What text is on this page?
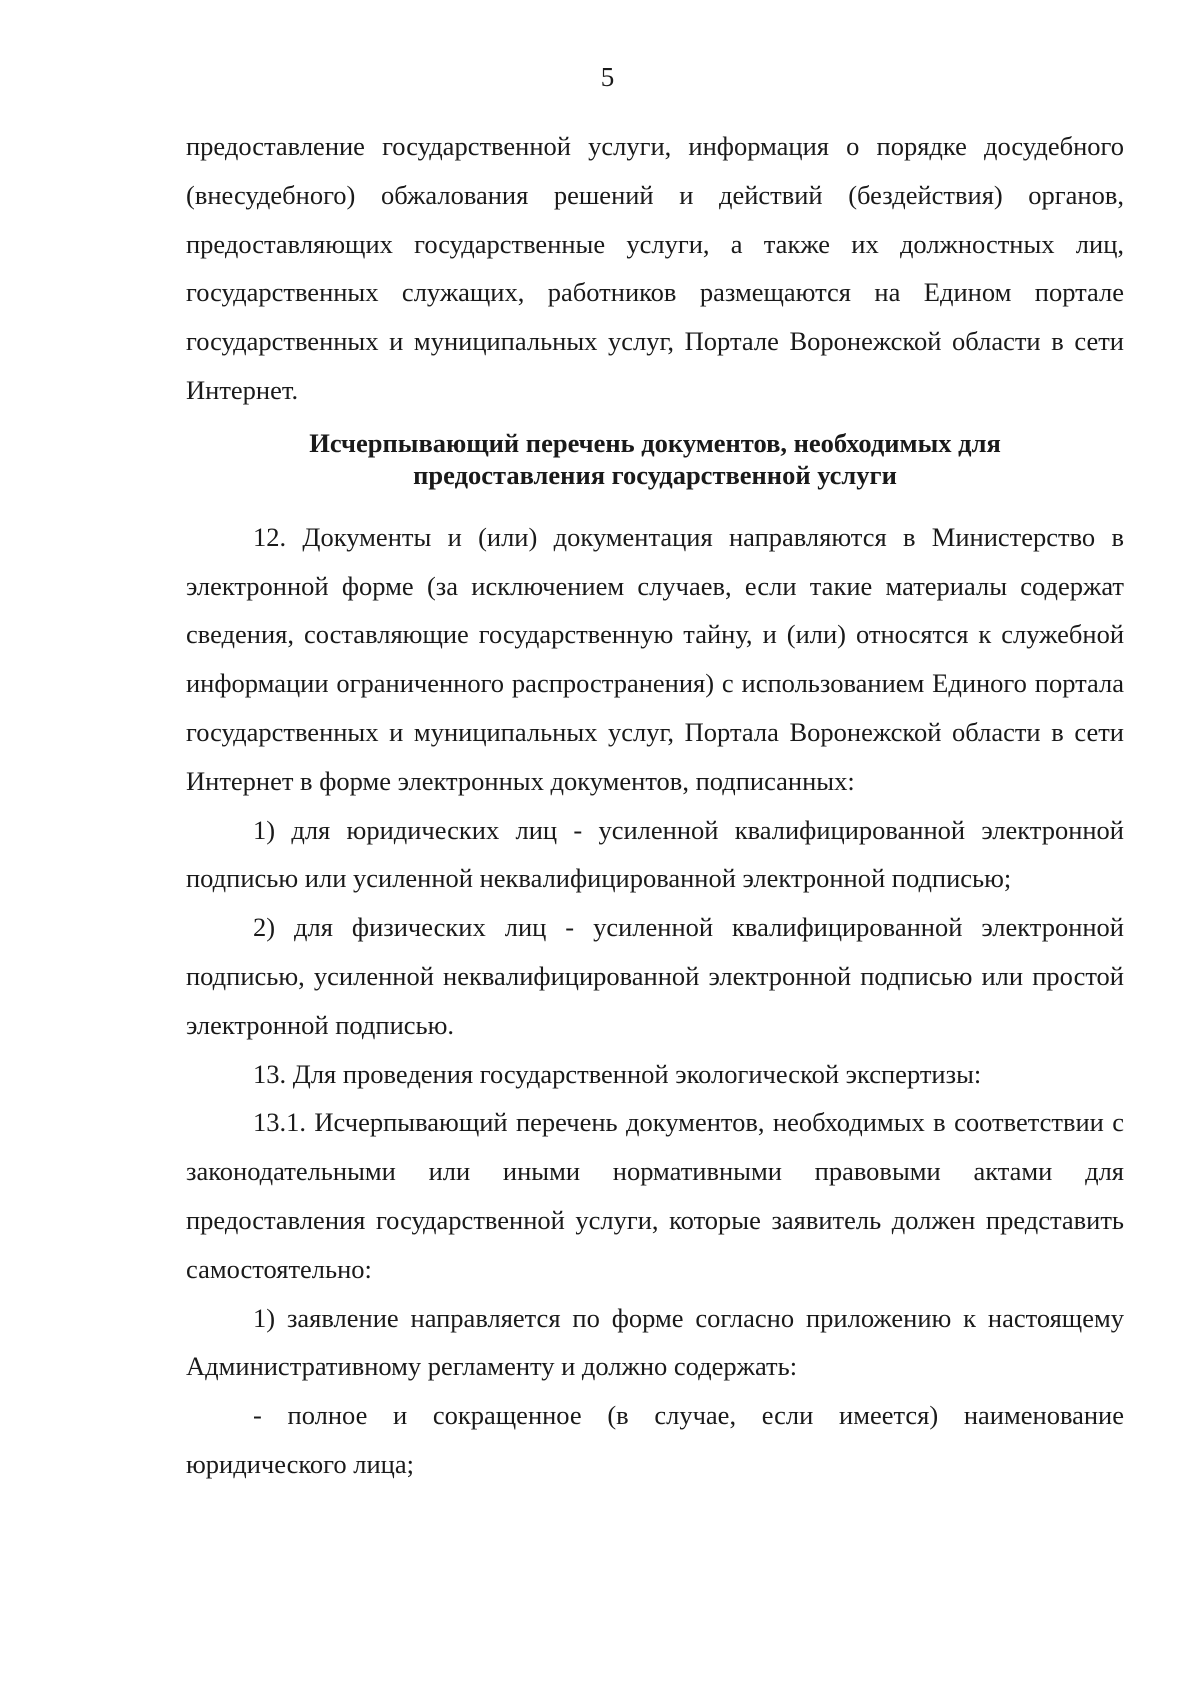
5

предоставление государственной услуги, информация о порядке досудебного (внесудебного) обжалования решений и действий (бездействия) органов, предоставляющих государственные услуги, а также их должностных лиц, государственных служащих, работников размещаются на Едином портале государственных и муниципальных услуг, Портале Воронежской области в сети Интернет.

Исчерпывающий перечень документов, необходимых для
предоставления государственной услуги

12. Документы и (или) документация направляются в Министерство в электронной форме (за исключением случаев, если такие материалы содержат сведения, составляющие государственную тайну, и (или) относятся к служебной информации ограниченного распространения) с использованием Единого портала государственных и муниципальных услуг, Портала Воронежской области в сети Интернет в форме электронных документов, подписанных:

1) для юридических лиц - усиленной квалифицированной электронной подписью или усиленной неквалифицированной электронной подписью;

2) для физических лиц - усиленной квалифицированной электронной подписью, усиленной неквалифицированной электронной подписью или простой электронной подписью.

13. Для проведения государственной экологической экспертизы:

13.1. Исчерпывающий перечень документов, необходимых в соответствии с законодательными или иными нормативными правовыми актами для предоставления государственной услуги, которые заявитель должен представить самостоятельно:

1) заявление направляется по форме согласно приложению к настоящему Административному регламенту и должно содержать:

- полное и сокращенное (в случае, если имеется) наименование юридического лица;
